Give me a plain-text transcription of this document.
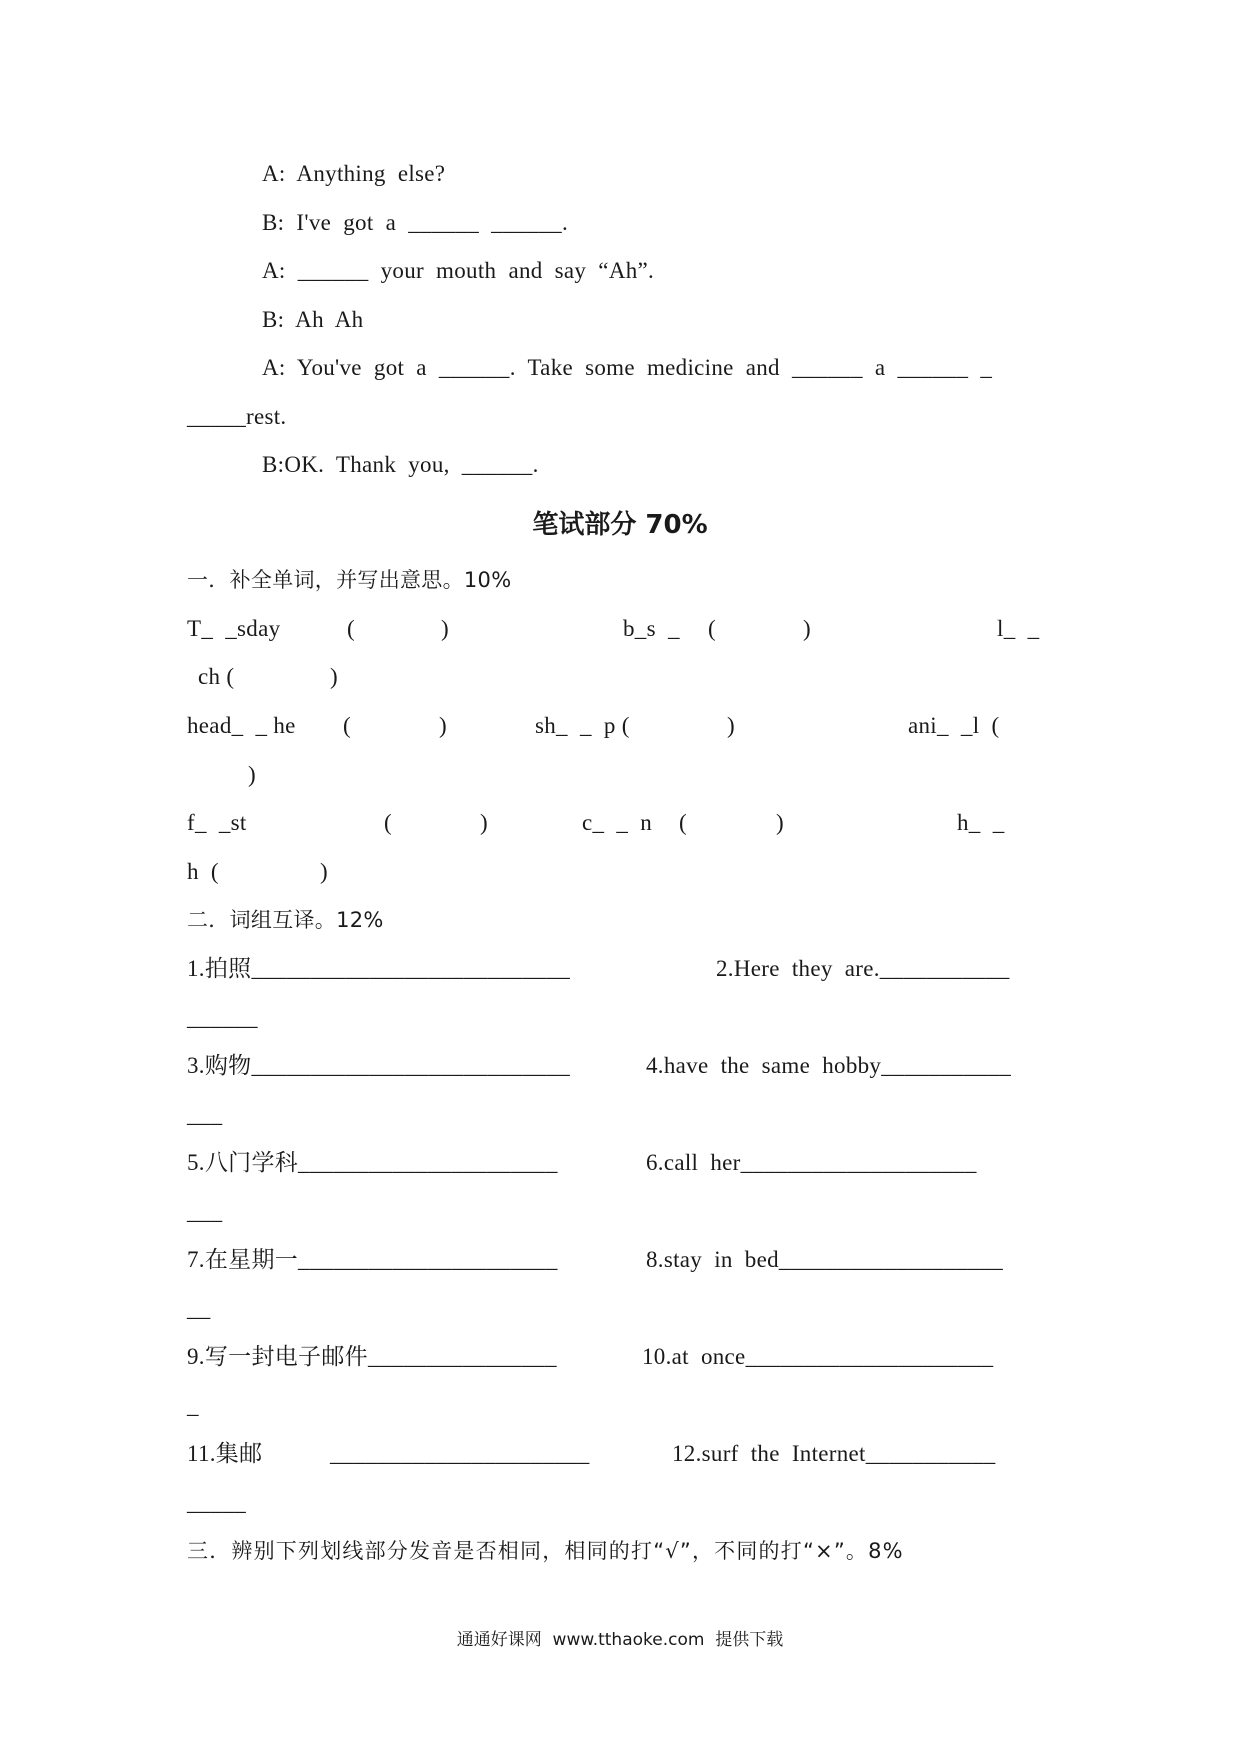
A:  Anything  else?
B:  I've  got  a  ______  ______.
A:  ______  your  mouth  and  say  “Ah”.
B:  Ah  Ah
A:  You've  got  a  ______.  Take  some  medicine  and  ______  a  ______  _
_____rest.
B:OK.  Thank  you,  ______.
笔试部分 70%
一．补全单词，并写出意思。10%
T_  _sday	(	)	b_s  _ (	)	l_  _
ch (	)
head_  _ he (	)	sh_  _  p (	)	ani_  _l  (
)
f_  _st	(	)	c_  _  n (	)	h_  _
h  (	)
二．词组互译。12%
1.拍照___________________________	2.Here  they  are.___________
______
3.购物___________________________	4.have  the  same  hobby___________
___
5.八门学科______________________	6.call  her____________________
___
7.在星期一______________________	8.stay  in  bed___________________
__
9.写一封电子邮件________________	10.at  once_____________________
_
11.集邮	______________________	12.surf  the  Internet___________
_____
三．辨别下列划线部分发音是否相同，相同的打“√”，不同的打“×”。8%
通通好课网  www.tthaoke.com  提供下载
